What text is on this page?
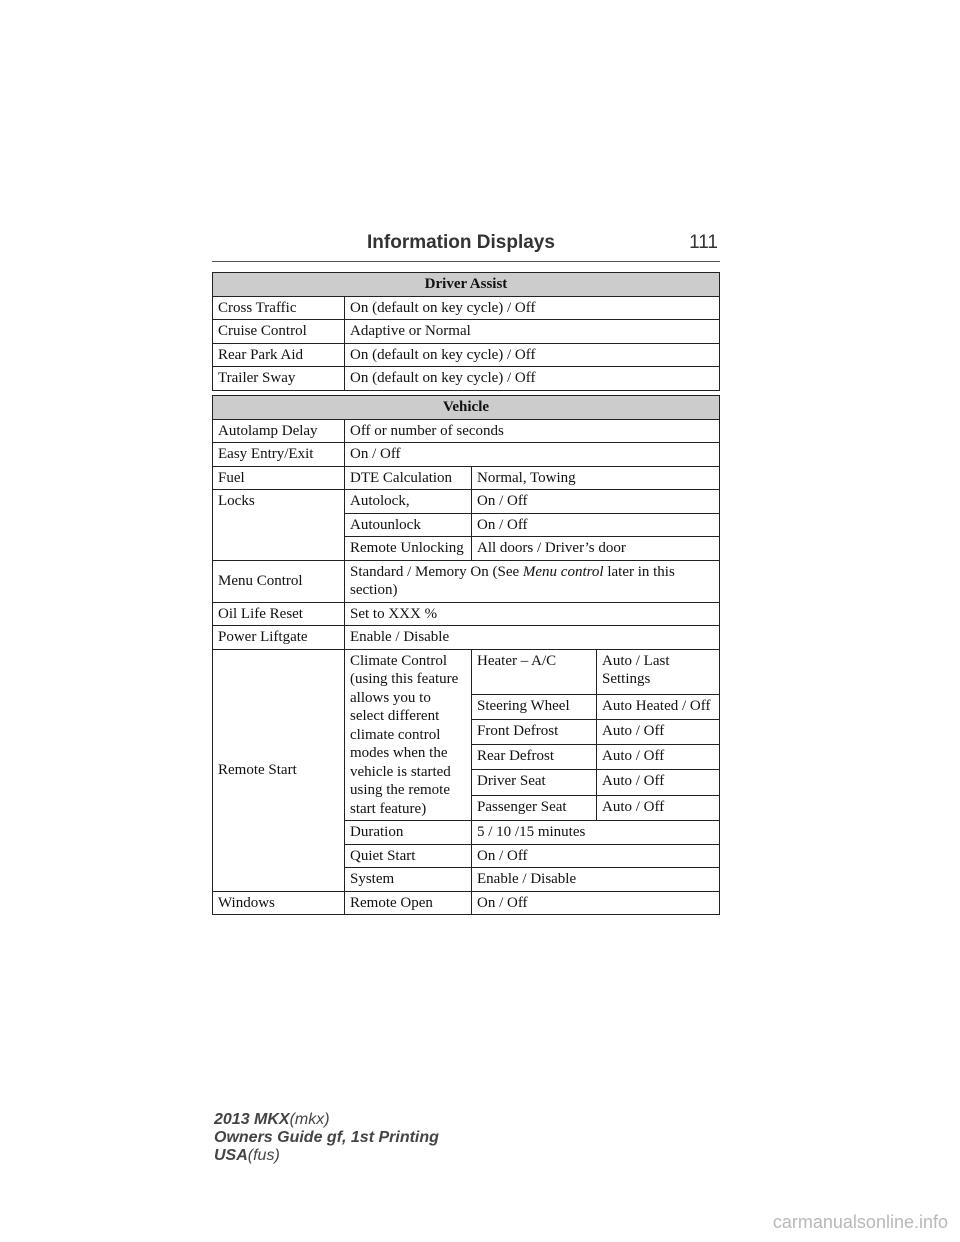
Information Displays	111
Driver Assist	
Cross Traffic	On (default on key cycle) / Off
Cruise Control	Adaptive or Normal
Rear Park Aid	On (default on key cycle) / Off
Trailer Sway	On (default on key cycle) / Off
Vehicle			
Autolamp Delay	Off or number of seconds		
Easy Entry/Exit	On / Off		
Fuel	DTE Calculation	Normal, Towing	
Locks	Autolock,	On / Off	
	Autounlock	On / Off	
	Remote Unlocking	All doors / Driver’s door	
Menu Control	Standard / Memory On (See Menu control later in this section)		
Oil Life Reset	Set to XXX %		
Power Liftgate	Enable / Disable		
Remote Start	Climate Control (using this feature allows you to select different climate control modes when the vehicle is started using the remote start feature)	Heater – A/C	Auto / Last Settings
		Steering Wheel	Auto Heated / Off
		Front Defrost	Auto / Off
		Rear Defrost	Auto / Off
		Driver Seat	Auto / Off
		Passenger Seat	Auto / Off
	Duration	5 / 10 /15 minutes	
	Quiet Start	On / Off	
	System	Enable / Disable	
Windows	Remote Open	On / Off	
2013 MKX(mkx)
Owners Guide gf, 1st Printing
USA(fus)
carmanualsonline.info
